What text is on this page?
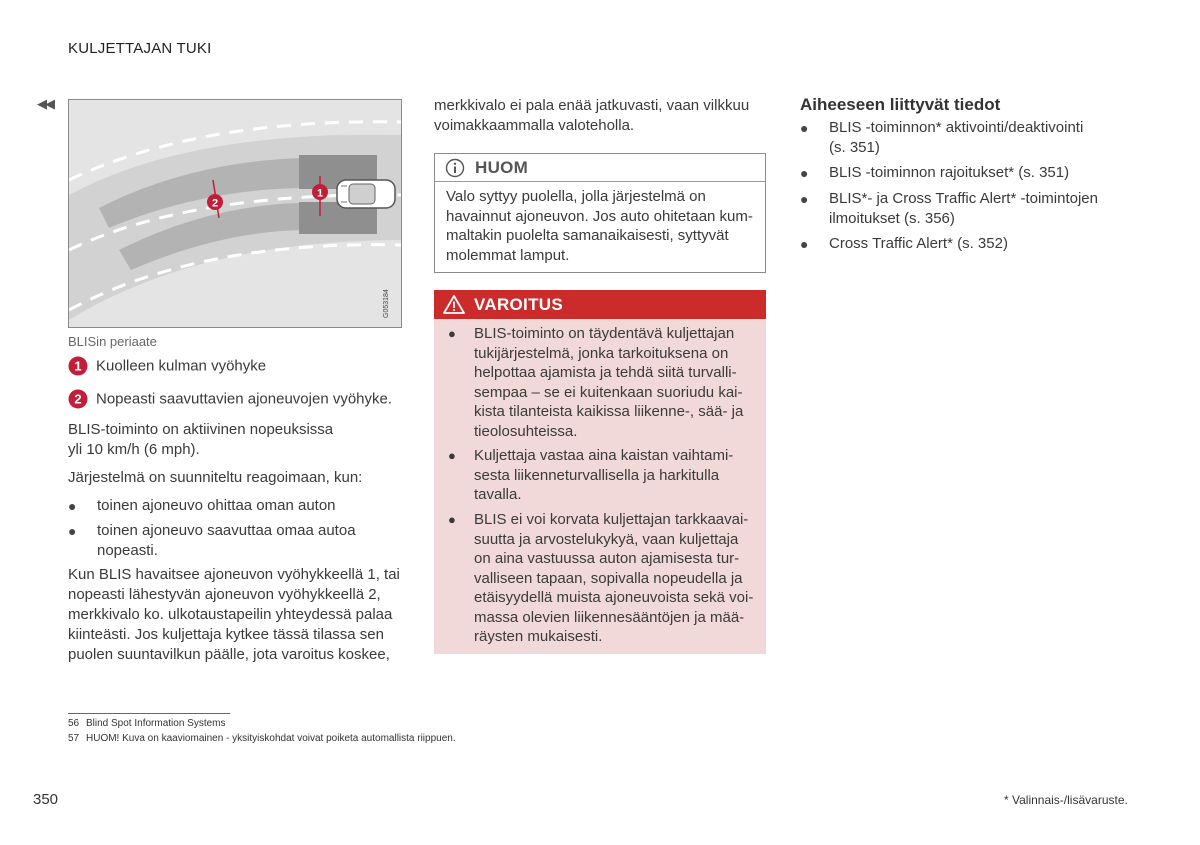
KULJETTAJAN TUKI
◀◀
1
2
G053184
BLISin periaate
1 Kuolleen kulman vyöhyke
2 Nopeasti saavuttavien ajoneuvojen vyöhyke.
BLIS-toiminto on aktiivinen nopeuksissa
yli 10 km/h (6 mph).
Järjestelmä on suunniteltu reagoimaan, kun:
● toinen ajoneuvo ohittaa oman auton
● toinen ajoneuvo saavuttaa omaa autoa
nopeasti.
Kun BLIS havaitsee ajoneuvon vyöhykkeellä 1, tai
nopeasti lähestyvän ajoneuvon vyöhykkeellä 2,
merkkivalo ko. ulkotaustapeilin yhteydessä palaa
kiinteästi. Jos kuljettaja kytkee tässä tilassa sen
puolen suuntavilkun päälle, jota varoitus koskee,
merkkivalo ei pala enää jatkuvasti, vaan vilkkuu
voimakkaammalla valoteholla.
HUOM
Valo syttyy puolella, jolla järjestelmä on
havainnut ajoneuvon. Jos auto ohitetaan kum-
maltakin puolelta samanaikaisesti, syttyvät
molemmat lamput.
VAROITUS
● BLIS-toiminto on täydentävä kuljettajan
tukijärjestelmä, jonka tarkoituksena on
helpottaa ajamista ja tehdä siitä turvalli-
sempaa – se ei kuitenkaan suoriudu kai-
kista tilanteista kaikissa liikenne-, sää- ja
tieolosuhteissa.
● Kuljettaja vastaa aina kaistan vaihtami-
sesta liikenneturvallisella ja harkitulla
tavalla.
● BLIS ei voi korvata kuljettajan tarkkaavai-
suutta ja arvostelukykyä, vaan kuljettaja
on aina vastuussa auton ajamisesta tur-
valliseen tapaan, sopivalla nopeudella ja
etäisyydellä muista ajoneuvoista sekä voi-
massa olevien liikennesääntöjen ja mää-
räysten mukaisesti.
Aiheeseen liittyvät tiedot
● BLIS -toiminnon* aktivointi/deaktivointi
(s. 351)
● BLIS -toiminnon rajoitukset* (s. 351)
● BLIS*- ja Cross Traffic Alert* -toimintojen
ilmoitukset (s. 356)
● Cross Traffic Alert* (s. 352)
56 Blind Spot Information Systems
57 HUOM! Kuva on kaaviomainen - yksityiskohdat voivat poiketa automallista riippuen.
350	* Valinnais-/lisävaruste.
